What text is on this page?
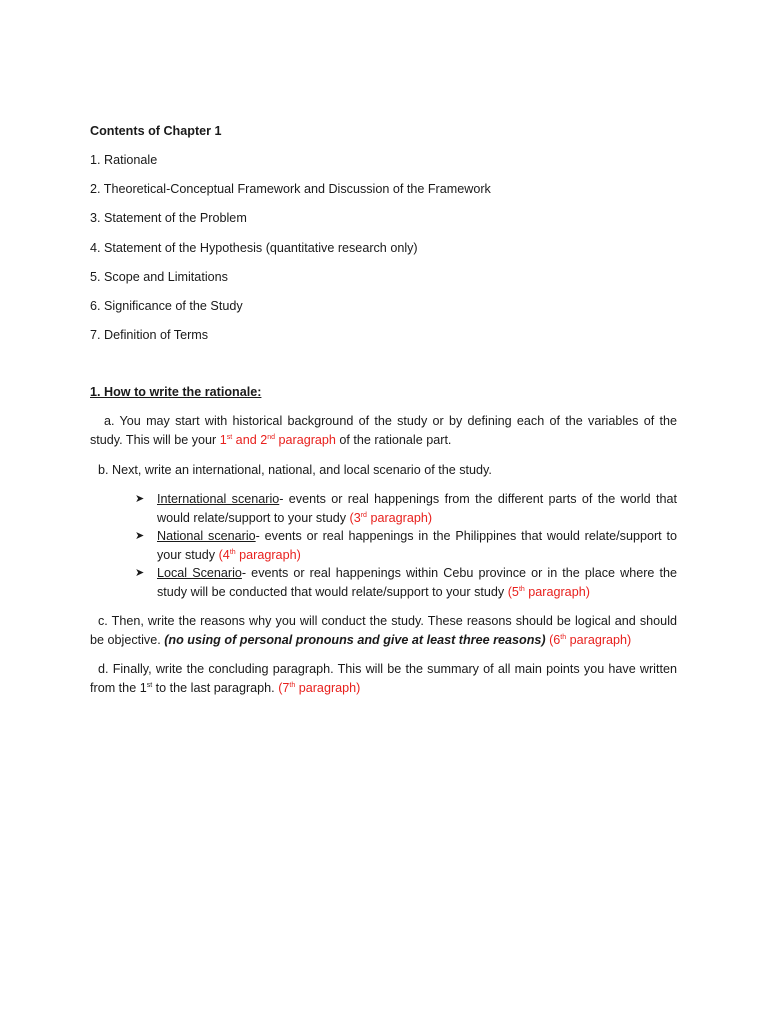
Contents of Chapter 1
1. Rationale
2. Theoretical-Conceptual Framework and Discussion of the Framework
3. Statement of the Problem
4. Statement of the Hypothesis (quantitative research only)
5. Scope and Limitations
6. Significance of the Study
7. Definition of Terms
1. How to write the rationale:
a. You may start with historical background of the study or by defining each of the variables of the study. This will be your 1st and 2nd paragraph of the rationale part.
b. Next, write an international, national, and local scenario of the study.
➤ International scenario- events or real happenings from the different parts of the world that would relate/support to your study (3rd paragraph)
➤ National scenario- events or real happenings in the Philippines that would relate/support to your study (4th paragraph)
➤ Local Scenario- events or real happenings within Cebu province or in the place where the study will be conducted that would relate/support to your study (5th paragraph)
c. Then, write the reasons why you will conduct the study. These reasons should be logical and should be objective. (no using of personal pronouns and give at least three reasons) (6th paragraph)
d. Finally, write the concluding paragraph. This will be the summary of all main points you have written from the 1st to the last paragraph. (7th paragraph)
